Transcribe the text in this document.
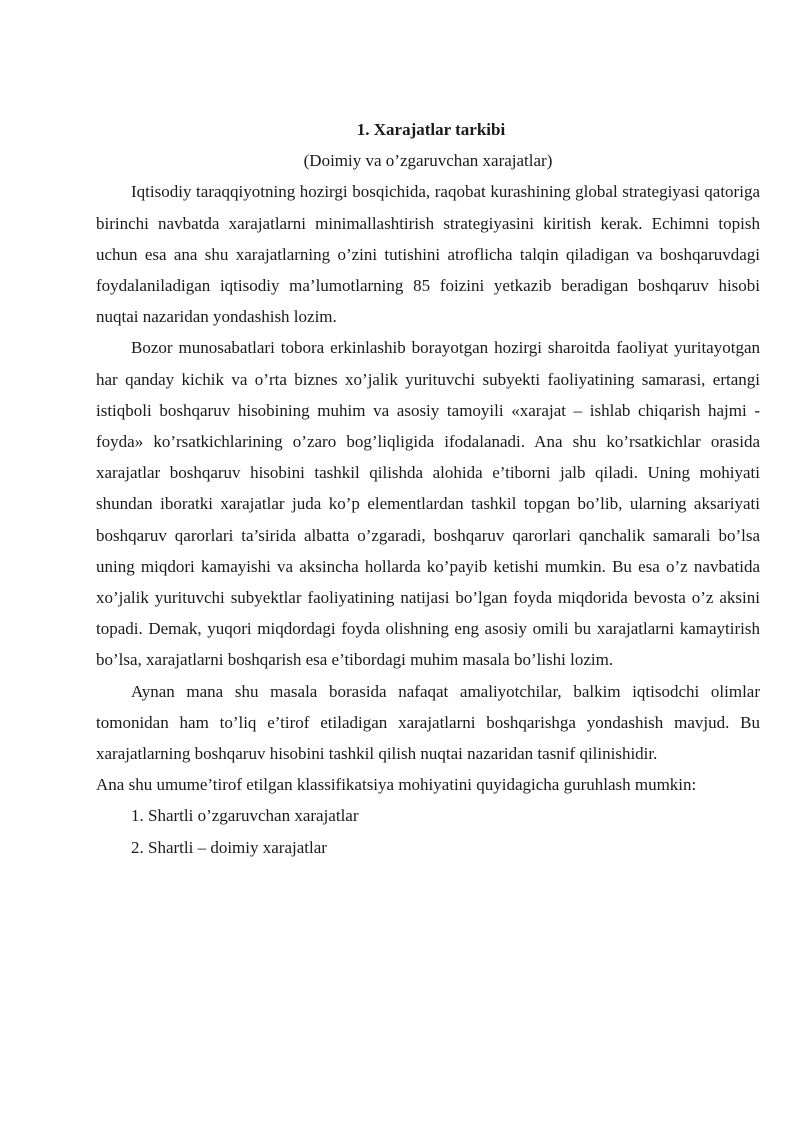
1. Xarajatlar tarkibi

(Doimiy va o’zgaruvchan xarajatlar)

Iqtisodiy taraqqiyotning hozirgi bosqichida, raqobat kurashining global strategiyasi qatoriga birinchi navbatda xarajatlarni minimallashtirish strategiyasini kiritish kerak. Echimni topish uchun esa ana shu xarajatlarning o’zini tutishini atroflicha talqin qiladigan va boshqaruvdagi foydalaniladigan iqtisodiy ma’lumotlarning 85 foizini yetkazib beradigan boshqaruv hisobi nuqtai nazaridan yondashish lozim.

Bozor munosabatlari tobora erkinlashib borayotgan hozirgi sharoitda faoliyat yuritayotgan har qanday kichik va o’rta biznes xo’jalik yurituvchi subyekti faoliyatining samarasi, ertangi istiqboli boshqaruv hisobining muhim va asosiy tamoyili «xarajat – ishlab chiqarish hajmi - foyda» ko’rsatkichlarining o’zaro bog’liqligida ifodalanadi. Ana shu ko’rsatkichlar orasida xarajatlar boshqaruv hisobini tashkil qilishda alohida e’tiborni jalb qiladi. Uning mohiyati shundan iboratki xarajatlar juda ko’p elementlardan tashkil topgan bo’lib, ularning aksariyati boshqaruv qarorlari ta’sirida albatta o’zgaradi, boshqaruv qarorlari qanchalik samarali bo’lsa uning miqdori kamayishi va aksincha hollarda ko’payib ketishi mumkin. Bu esa o’z navbatida xo’jalik yurituvchi subyektlar faoliyatining natijasi bo’lgan foyda miqdorida bevosta o’z aksini topadi. Demak, yuqori miqdordagi foyda olishning eng asosiy omili bu xarajatlarni kamaytirish bo’lsa, xarajatlarni boshqarish esa e’tibordagi muhim masala bo’lishi lozim.

Aynan mana shu masala borasida nafaqat amaliyotchilar, balkim iqtisodchi olimlar tomonidan ham to’liq e’tirof etiladigan xarajatlarni boshqarishga yondashish mavjud. Bu xarajatlarning boshqaruv hisobini tashkil qilish nuqtai nazaridan tasnif qilinishidir.

Ana shu umume’tirof etilgan klassifikatsiya mohiyatini quyidagicha guruhlash mumkin:

1. Shartli o’zgaruvchan xarajatlar

2. Shartli – doimiy xarajatlar
